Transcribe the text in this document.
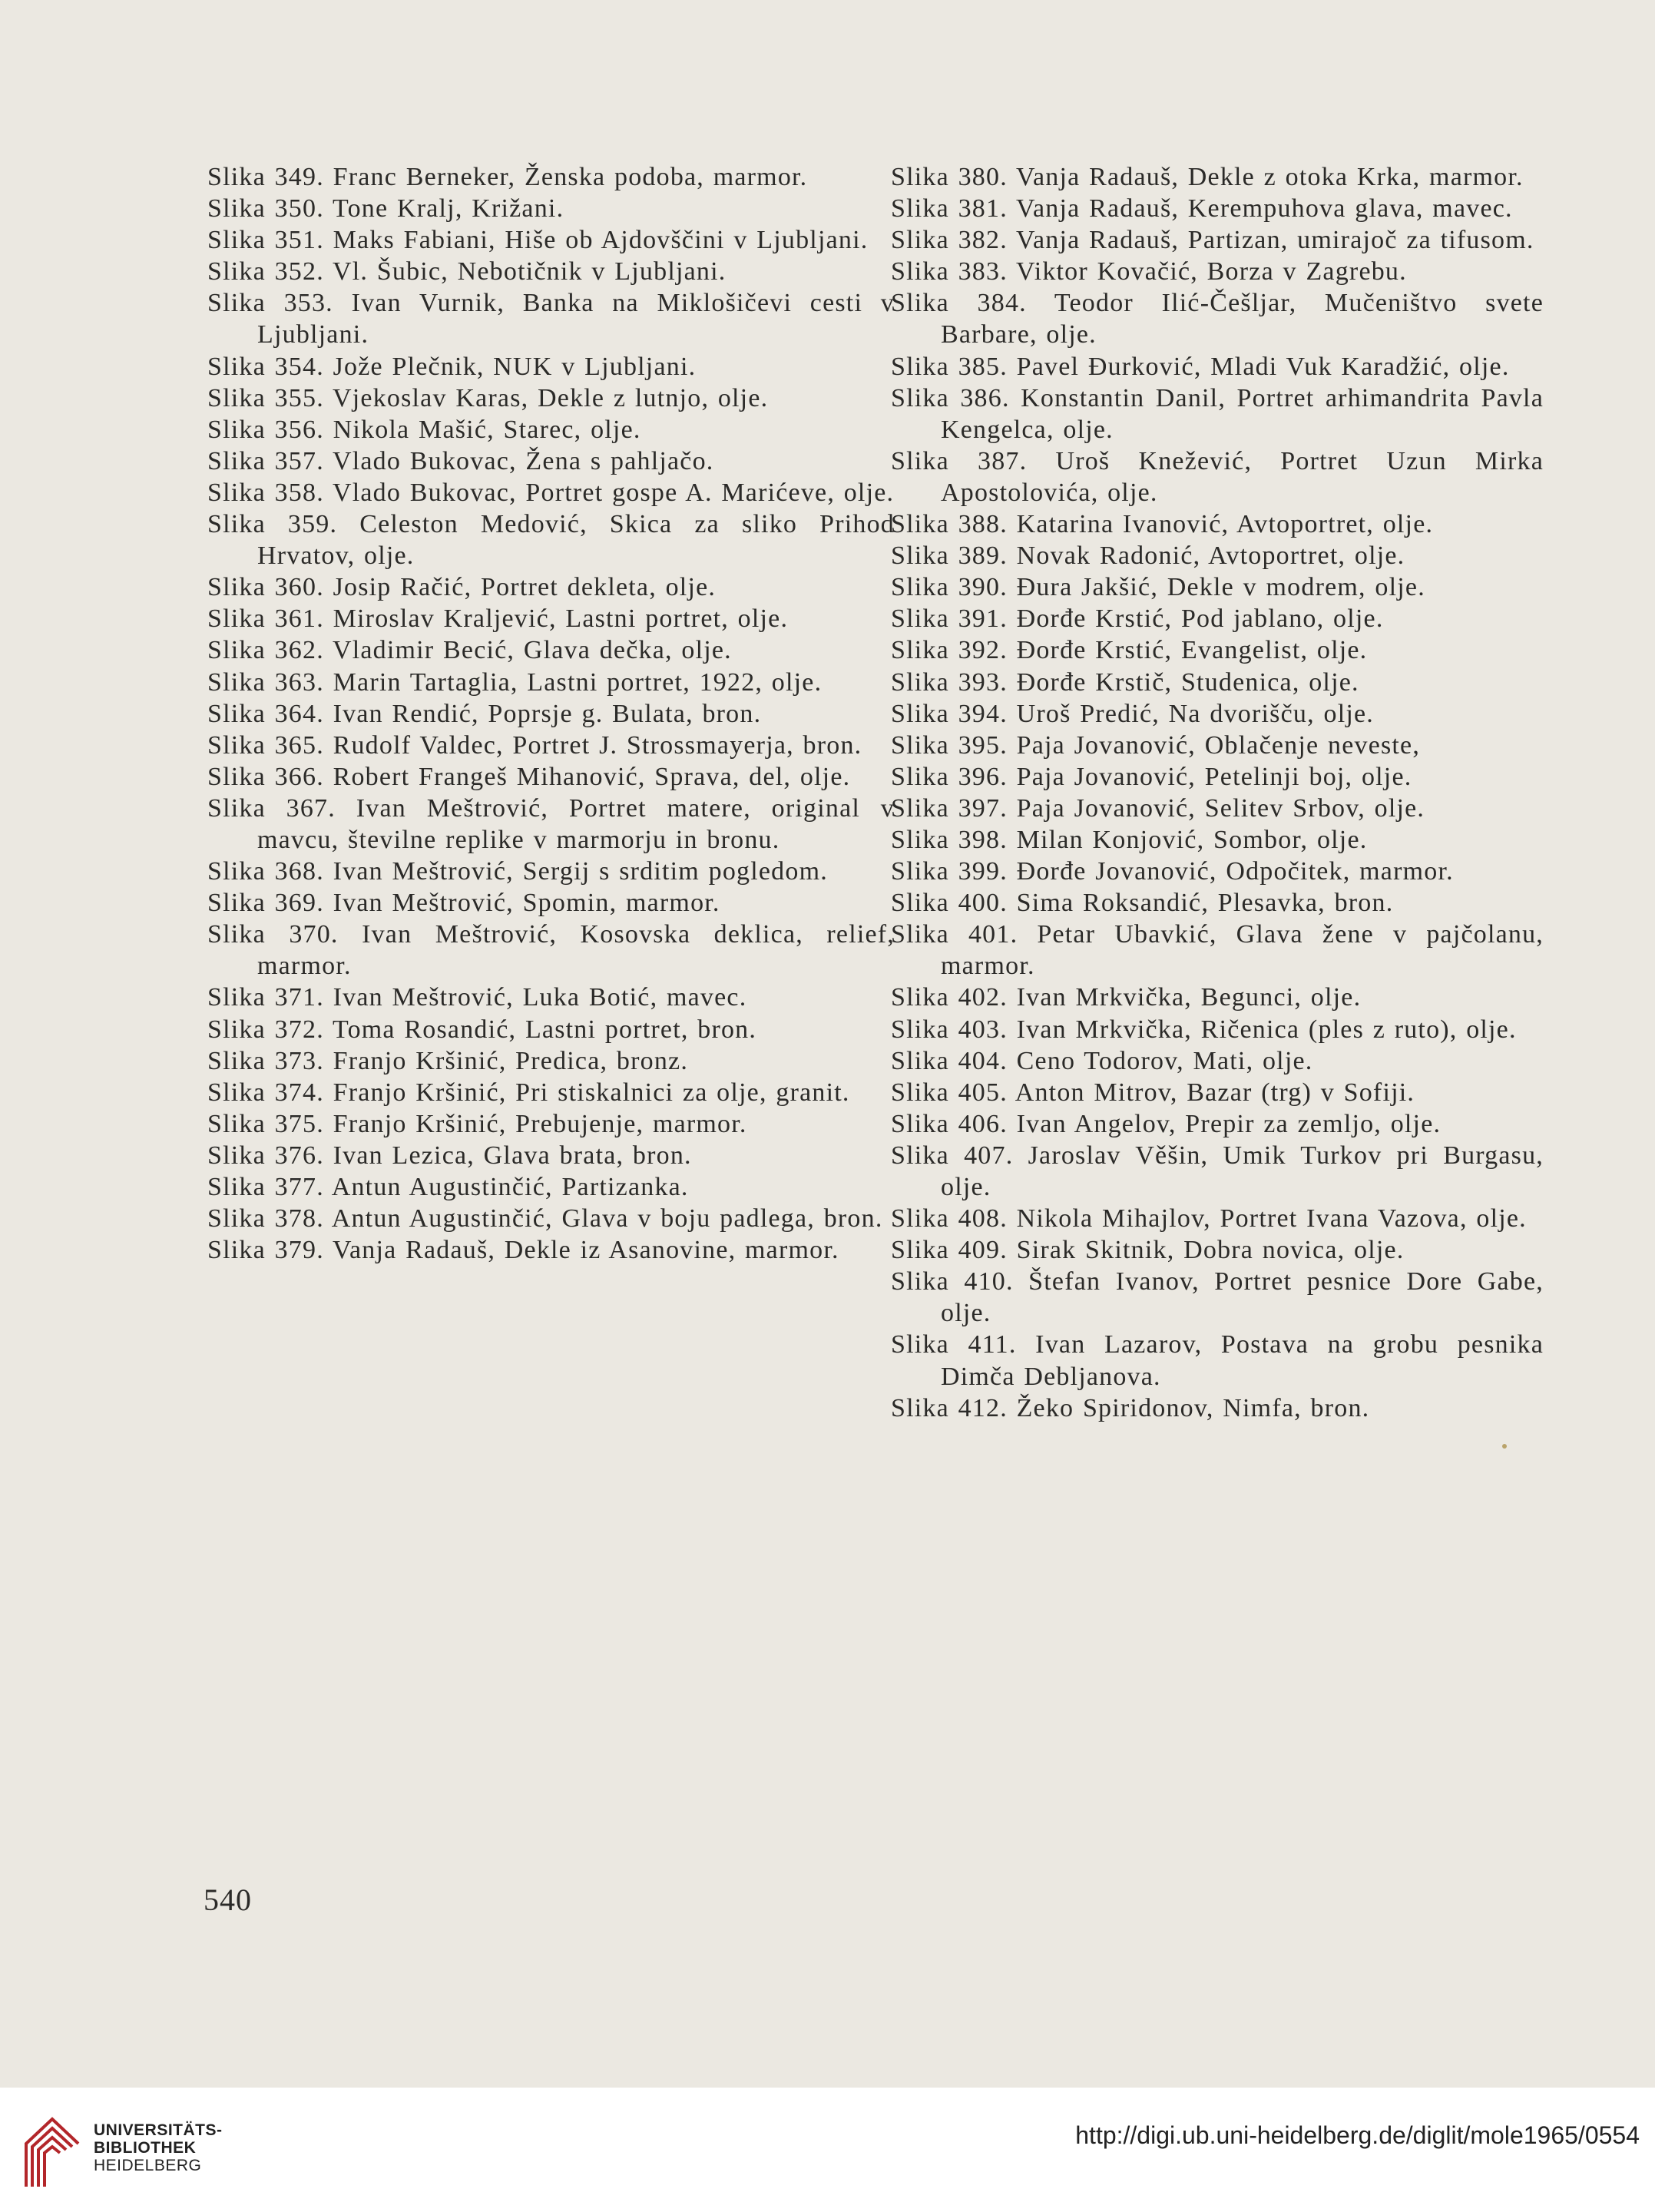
Slika 349. Franc Berneker, Ženska podoba, marmor.
Slika 350. Tone Kralj, Križani.
Slika 351. Maks Fabiani, Hiše ob Ajdovščini v Ljubljani.
Slika 352. Vl. Šubic, Nebotičnik v Ljubljani.
Slika 353. Ivan Vurnik, Banka na Miklošičevi cesti v Ljubljani.
Slika 354. Jože Plečnik, NUK v Ljubljani.
Slika 355. Vjekoslav Karas, Dekle z lutnjo, olje.
Slika 356. Nikola Mašić, Starec, olje.
Slika 357. Vlado Bukovac, Žena s pahljačo.
Slika 358. Vlado Bukovac, Portret gospe A. Marićeve, olje.
Slika 359. Celeston Medović, Skica za sliko Prihod Hrvatov, olje.
Slika 360. Josip Račić, Portret dekleta, olje.
Slika 361. Miroslav Kraljević, Lastni portret, olje.
Slika 362. Vladimir Becić, Glava dečka, olje.
Slika 363. Marin Tartaglia, Lastni portret, 1922, olje.
Slika 364. Ivan Rendić, Poprsje g. Bulata, bron.
Slika 365. Rudolf Valdec, Portret J. Strossmayerja, bron.
Slika 366. Robert Frangeš Mihanović, Sprava, del, olje.
Slika 367. Ivan Meštrović, Portret matere, original v mavcu, številne replike v marmorju in bronu.
Slika 368. Ivan Meštrović, Sergij s srditim pogledom.
Slika 369. Ivan Meštrović, Spomin, marmor.
Slika 370. Ivan Meštrović, Kosovska deklica, relief, marmor.
Slika 371. Ivan Meštrović, Luka Botić, mavec.
Slika 372. Toma Rosandić, Lastni portret, bron.
Slika 373. Franjo Kršinić, Predica, bronz.
Slika 374. Franjo Kršinić, Pri stiskalnici za olje, granit.
Slika 375. Franjo Kršinić, Prebujenje, marmor.
Slika 376. Ivan Lezica, Glava brata, bron.
Slika 377. Antun Augustinčić, Partizanka.
Slika 378. Antun Augustinčić, Glava v boju padlega, bron.
Slika 379. Vanja Radauš, Dekle iz Asanovine, marmor.
Slika 380. Vanja Radauš, Dekle z otoka Krka, marmor.
Slika 381. Vanja Radauš, Kerempuhova glava, mavec.
Slika 382. Vanja Radauš, Partizan, umirajoč za tifusom.
Slika 383. Viktor Kovačić, Borza v Zagrebu.
Slika 384. Teodor Ilić-Češljar, Mučeništvo svete Barbare, olje.
Slika 385. Pavel Đurković, Mladi Vuk Karadžić, olje.
Slika 386. Konstantin Danil, Portret arhimandrita Pavla Kengelca, olje.
Slika 387. Uroš Knežević, Portret Uzun Mirka Apostolovića, olje.
Slika 388. Katarina Ivanović, Avtoportret, olje.
Slika 389. Novak Radonić, Avtoportret, olje.
Slika 390. Đura Jakšić, Dekle v modrem, olje.
Slika 391. Đorđe Krstić, Pod jablano, olje.
Slika 392. Đorđe Krstić, Evangelist, olje.
Slika 393. Đorđe Krstič, Studenica, olje.
Slika 394. Uroš Predić, Na dvorišču, olje.
Slika 395. Paja Jovanović, Oblačenje neveste,
Slika 396. Paja Jovanović, Petelinji boj, olje.
Slika 397. Paja Jovanović, Selitev Srbov, olje.
Slika 398. Milan Konjović, Sombor, olje.
Slika 399. Đorđe Jovanović, Odpočitek, marmor.
Slika 400. Sima Roksandić, Plesavka, bron.
Slika 401. Petar Ubavkić, Glava žene v pajčolanu, marmor.
Slika 402. Ivan Mrkvička, Begunci, olje.
Slika 403. Ivan Mrkvička, Ričenica (ples z ruto), olje.
Slika 404. Ceno Todorov, Mati, olje.
Slika 405. Anton Mitrov, Bazar (trg) v Sofiji.
Slika 406. Ivan Angelov, Prepir za zemljo, olje.
Slika 407. Jaroslav Věšin, Umik Turkov pri Burgasu, olje.
Slika 408. Nikola Mihajlov, Portret Ivana Vazova, olje.
Slika 409. Sirak Skitnik, Dobra novica, olje.
Slika 410. Štefan Ivanov, Portret pesnice Dore Gabe, olje.
Slika 411. Ivan Lazarov, Postava na grobu pesnika Dimča Debljanova.
Slika 412. Žeko Spiridonov, Nimfa, bron.
540
UNIVERSITÄTS-
BIBLIOTHEK
HEIDELBERG
http://digi.ub.uni-heidelberg.de/diglit/mole1965/0554
